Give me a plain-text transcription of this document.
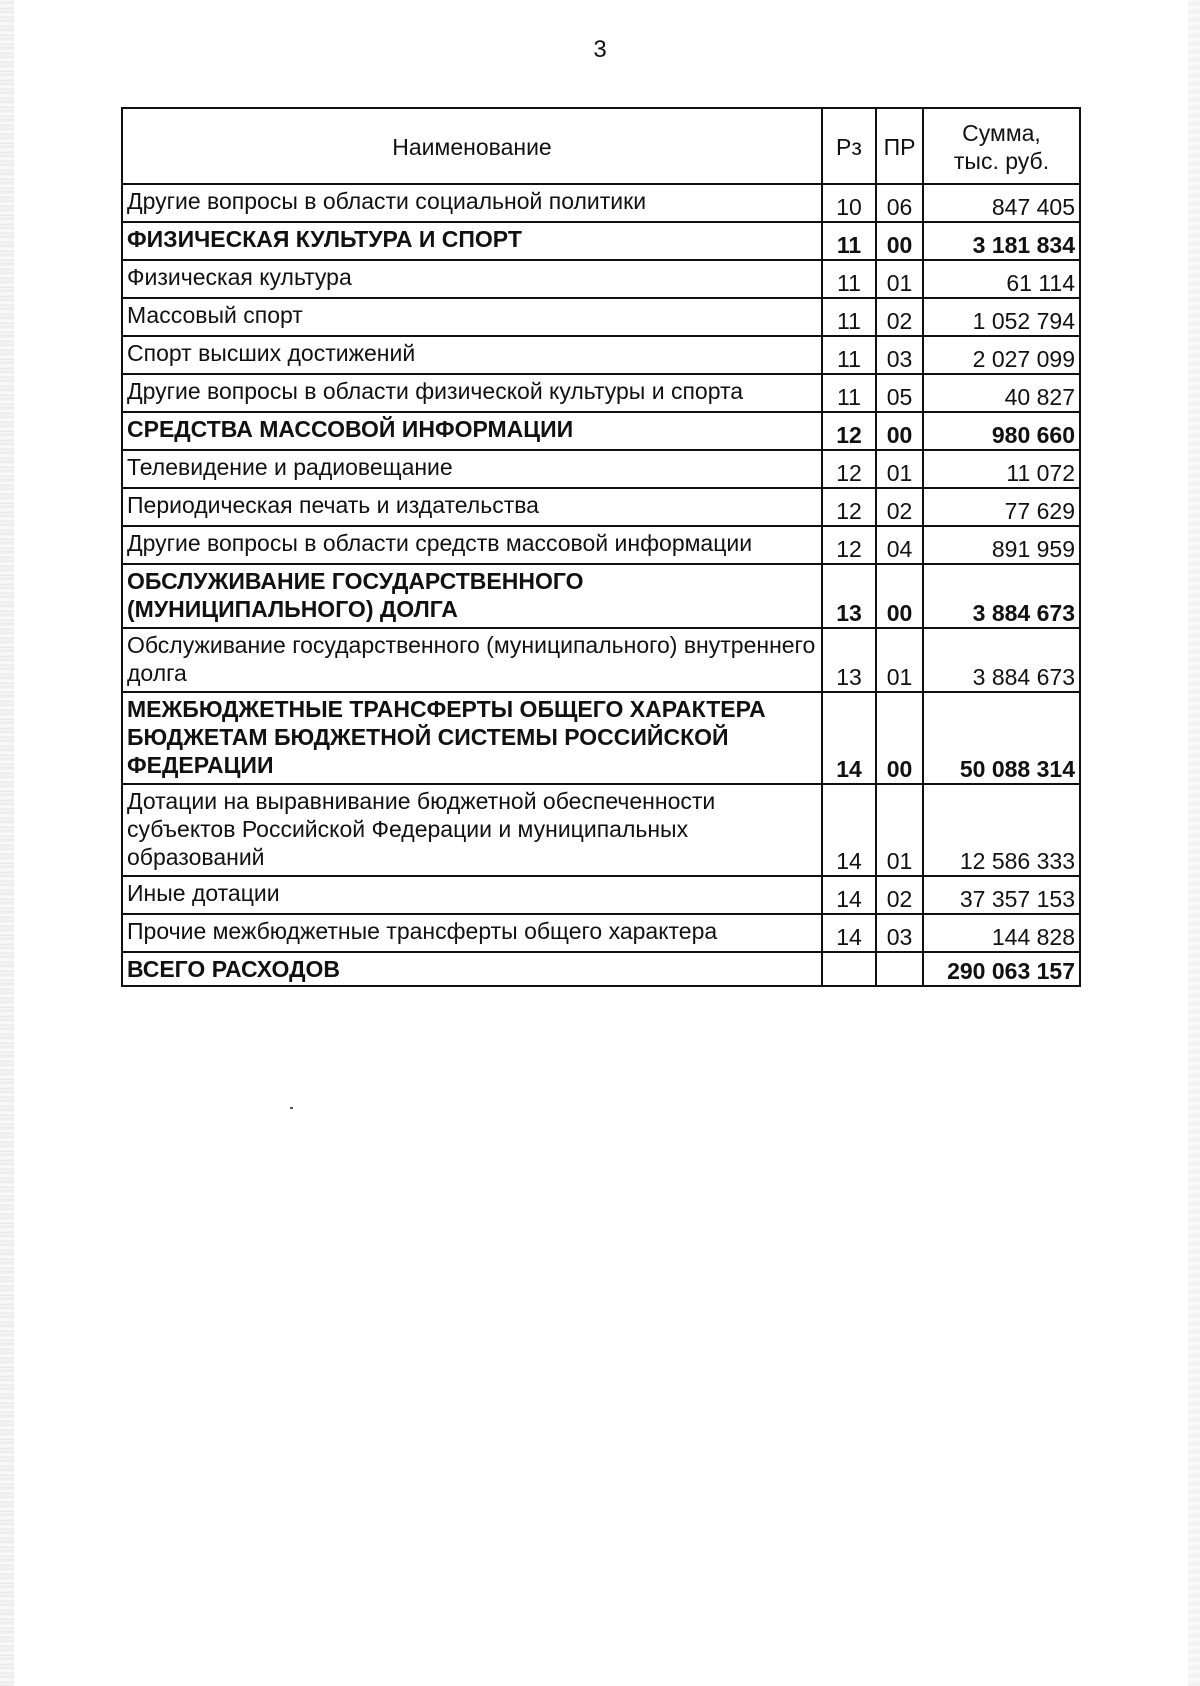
3
Наименование	Рз	ПР	Сумма,
тыс. руб.

Другие вопросы в области социальной политики	10	06	847 405
ФИЗИЧЕСКАЯ КУЛЬТУРА И СПОРТ	11	00	3 181 834
Физическая культура	11	01	61 114
Массовый спорт	11	02	1 052 794
Спорт высших достижений	11	03	2 027 099
Другие вопросы в области физической культуры и спорта	11	05	40 827
СРЕДСТВА МАССОВОЙ ИНФОРМАЦИИ	12	00	980 660
Телевидение и радиовещание	12	01	11 072
Периодическая печать и издательства	12	02	77 629
Другие вопросы в области средств массовой информации	12	04	891 959
ОБСЛУЖИВАНИЕ ГОСУДАРСТВЕННОГО (МУНИЦИПАЛЬНОГО) ДОЛГА	13	00	3 884 673
Обслуживание государственного (муниципального) внутреннего долга	13	01	3 884 673
МЕЖБЮДЖЕТНЫЕ ТРАНСФЕРТЫ ОБЩЕГО ХАРАКТЕРА БЮДЖЕТАМ БЮДЖЕТНОЙ СИСТЕМЫ РОССИЙСКОЙ ФЕДЕРАЦИИ	14	00	50 088 314
Дотации на выравнивание бюджетной обеспеченности субъектов Российской Федерации и муниципальных образований	14	01	12 586 333
Иные дотации	14	02	37 357 153
Прочие межбюджетные трансферты общего характера	14	03	144 828
ВСЕГО РАСХОДОВ			290 063 157
